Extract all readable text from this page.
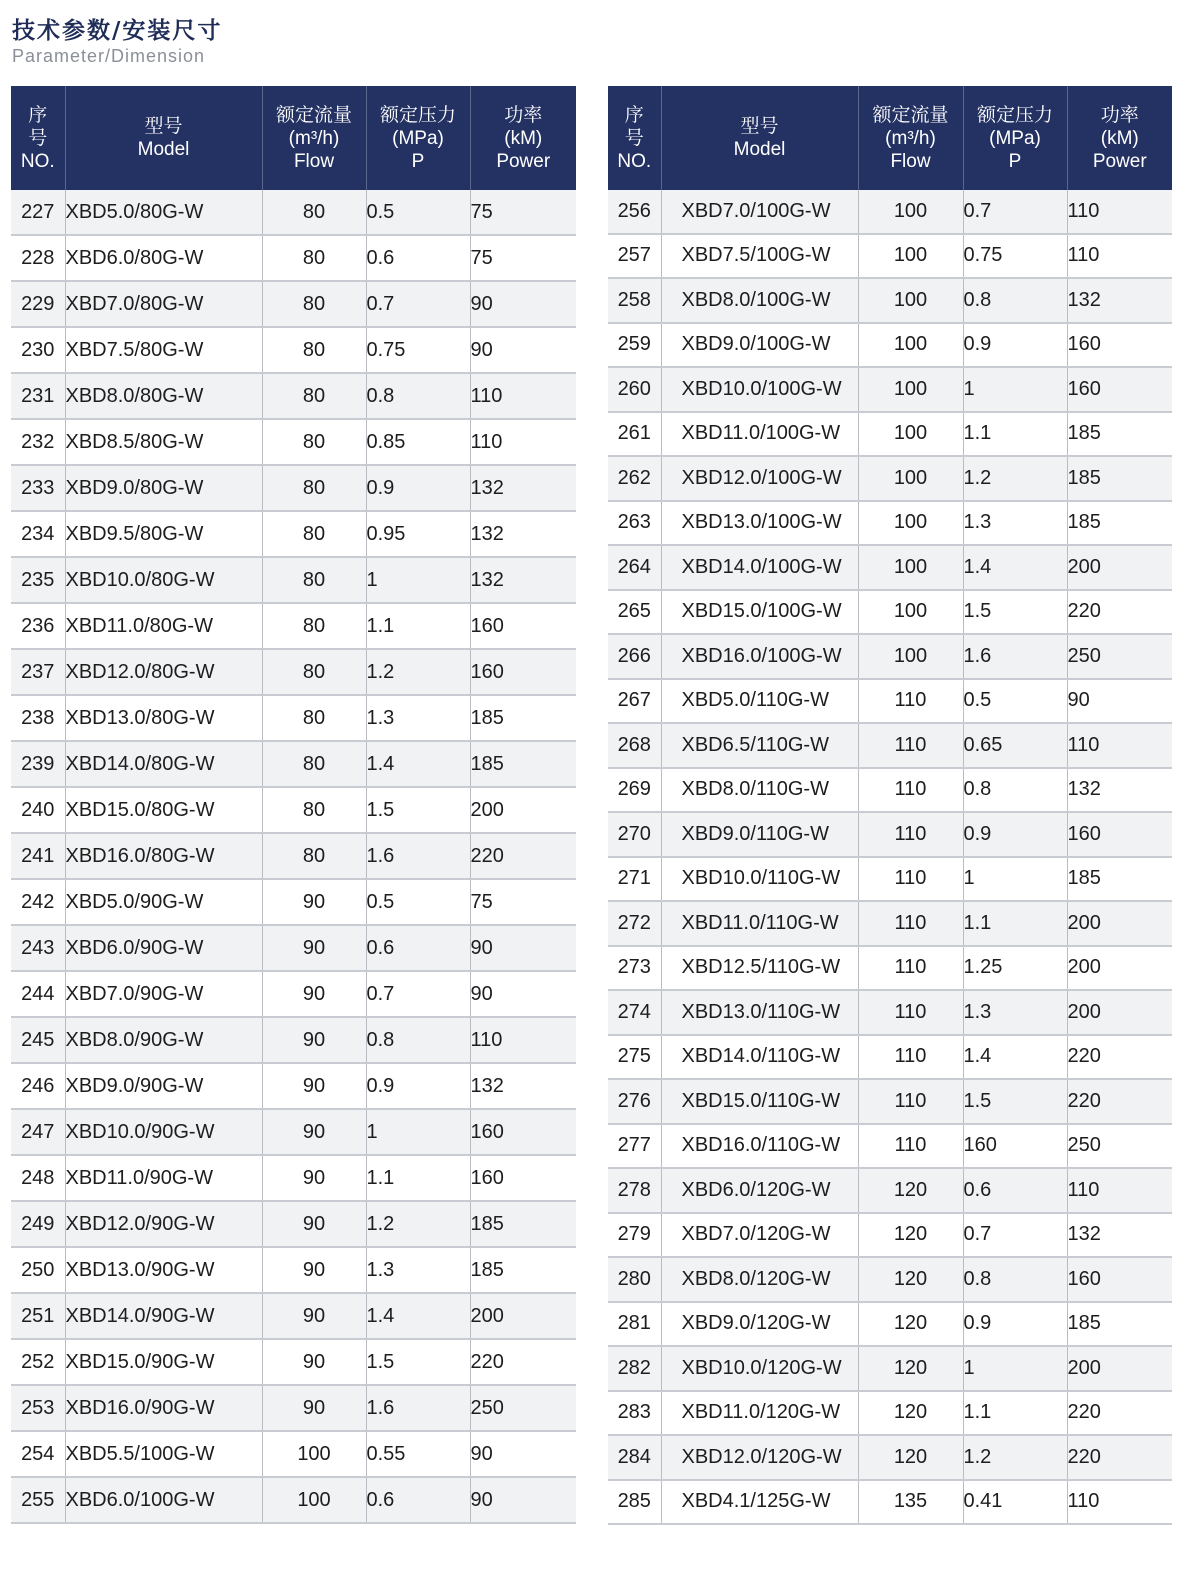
技术参数/安装尺寸
Parameter/Dimension
序
号
NO.	型号
Model	额定流量
(m³/h)
Flow	额定压力
(MPa)
P	功率
(kM)
Power

227	XBD5.0/80G-W	80	0.5	75
228	XBD6.0/80G-W	80	0.6	75
229	XBD7.0/80G-W	80	0.7	90
230	XBD7.5/80G-W	80	0.75	90
231	XBD8.0/80G-W	80	0.8	110
232	XBD8.5/80G-W	80	0.85	110
233	XBD9.0/80G-W	80	0.9	132
234	XBD9.5/80G-W	80	0.95	132
235	XBD10.0/80G-W	80	1	132
236	XBD11.0/80G-W	80	1.1	160
237	XBD12.0/80G-W	80	1.2	160
238	XBD13.0/80G-W	80	1.3	185
239	XBD14.0/80G-W	80	1.4	185
240	XBD15.0/80G-W	80	1.5	200
241	XBD16.0/80G-W	80	1.6	220
242	XBD5.0/90G-W	90	0.5	75
243	XBD6.0/90G-W	90	0.6	90
244	XBD7.0/90G-W	90	0.7	90
245	XBD8.0/90G-W	90	0.8	110
246	XBD9.0/90G-W	90	0.9	132
247	XBD10.0/90G-W	90	1	160
248	XBD11.0/90G-W	90	1.1	160
249	XBD12.0/90G-W	90	1.2	185
250	XBD13.0/90G-W	90	1.3	185
251	XBD14.0/90G-W	90	1.4	200
252	XBD15.0/90G-W	90	1.5	220
253	XBD16.0/90G-W	90	1.6	250
254	XBD5.5/100G-W	100	0.55	90
255	XBD6.0/100G-W	100	0.6	90
序
号
NO.	型号
Model	额定流量
(m³/h)
Flow	额定压力
(MPa)
P	功率
(kM)
Power

256	XBD7.0/100G-W	100	0.7	110
257	XBD7.5/100G-W	100	0.75	110
258	XBD8.0/100G-W	100	0.8	132
259	XBD9.0/100G-W	100	0.9	160
260	XBD10.0/100G-W	100	1	160
261	XBD11.0/100G-W	100	1.1	185
262	XBD12.0/100G-W	100	1.2	185
263	XBD13.0/100G-W	100	1.3	185
264	XBD14.0/100G-W	100	1.4	200
265	XBD15.0/100G-W	100	1.5	220
266	XBD16.0/100G-W	100	1.6	250
267	XBD5.0/110G-W	110	0.5	90
268	XBD6.5/110G-W	110	0.65	110
269	XBD8.0/110G-W	110	0.8	132
270	XBD9.0/110G-W	110	0.9	160
271	XBD10.0/110G-W	110	1	185
272	XBD11.0/110G-W	110	1.1	200
273	XBD12.5/110G-W	110	1.25	200
274	XBD13.0/110G-W	110	1.3	200
275	XBD14.0/110G-W	110	1.4	220
276	XBD15.0/110G-W	110	1.5	220
277	XBD16.0/110G-W	110	160	250
278	XBD6.0/120G-W	120	0.6	110
279	XBD7.0/120G-W	120	0.7	132
280	XBD8.0/120G-W	120	0.8	160
281	XBD9.0/120G-W	120	0.9	185
282	XBD10.0/120G-W	120	1	200
283	XBD11.0/120G-W	120	1.1	220
284	XBD12.0/120G-W	120	1.2	220
285	XBD4.1/125G-W	135	0.41	110
